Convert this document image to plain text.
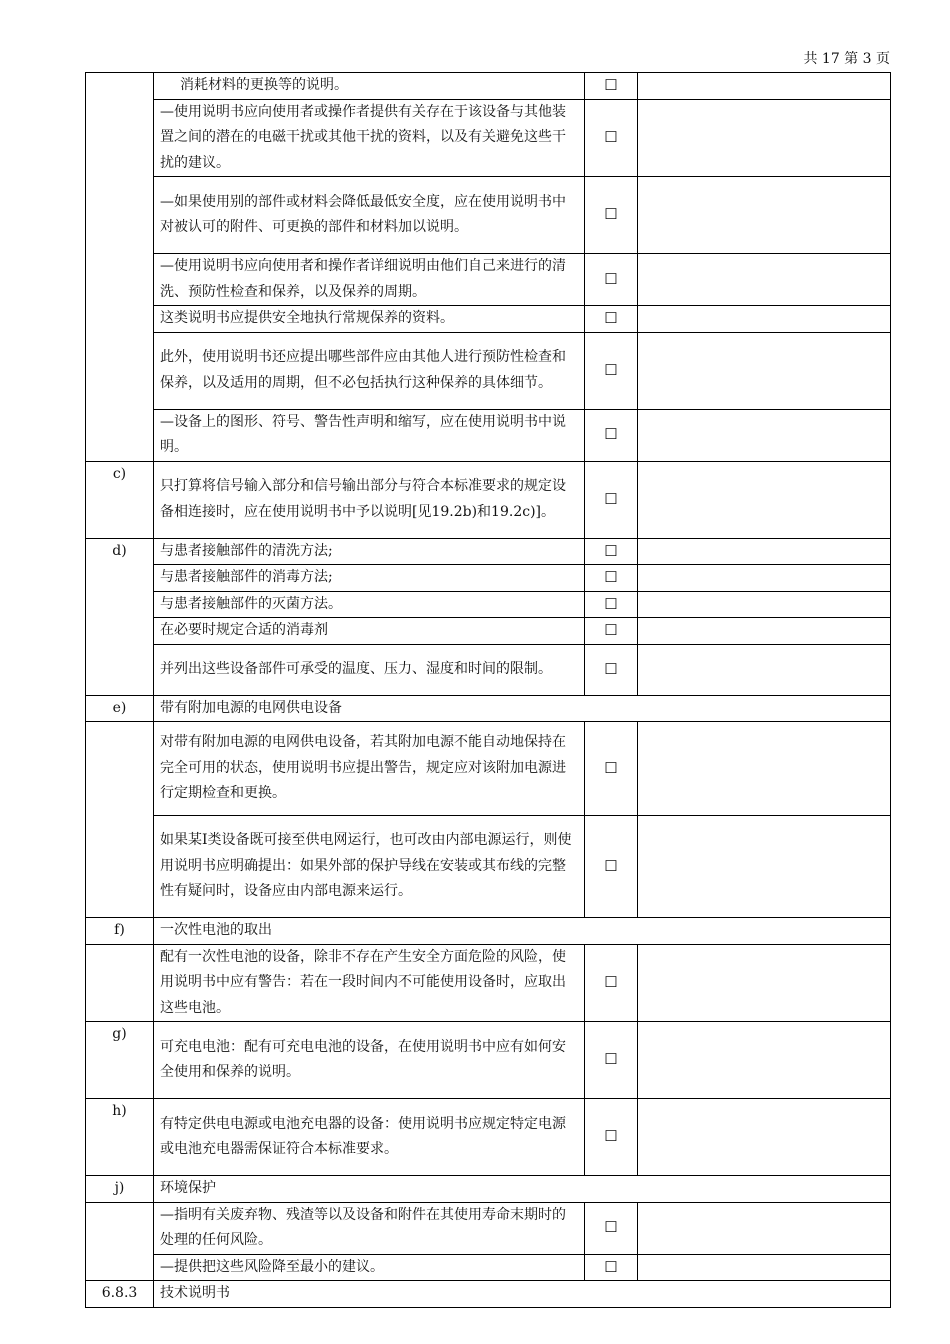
共 17 第 3 页
	消耗材料的更换等的说明。	☐	
	—使用说明书应向使用者或操作者提供有关存在于该设备与其他装置之间的潜在的电磁干扰或其他干扰的资料，以及有关避免这些干扰的建议。	☐	
	—如果使用别的部件或材料会降低最低安全度，应在使用说明书中对被认可的附件、可更换的部件和材料加以说明。	☐	
	—使用说明书应向使用者和操作者详细说明由他们自己来进行的清洗、预防性检查和保养，以及保养的周期。	☐	
	这类说明书应提供安全地执行常规保养的资料。	☐	
	此外，使用说明书还应提出哪些部件应由其他人进行预防性检查和保养，以及适用的周期，但不必包括执行这种保养的具体细节。	☐	
	—设备上的图形、符号、警告性声明和缩写，应在使用说明书中说明。	☐	
c)	只打算将信号输入部分和信号输出部分与符合本标准要求的规定设备相连接时，应在使用说明书中予以说明[见19.2b)和19.2c)]。	☐	
d)	与患者接触部件的清洗方法;	☐	
	与患者接触部件的消毒方法;	☐	
	与患者接触部件的灭菌方法。	☐	
	在必要时规定合适的消毒剂	☐	
	并列出这些设备部件可承受的温度、压力、湿度和时间的限制。	☐	
e)	带有附加电源的电网供电设备		
	对带有附加电源的电网供电设备，若其附加电源不能自动地保持在完全可用的状态，使用说明书应提出警告，规定应对该附加电源进行定期检查和更换。	☐	
	如果某Ⅰ类设备既可接至供电网运行，也可改由内部电源运行，则使用说明书应明确提出：如果外部的保护导线在安装或其布线的完整性有疑问时，设备应由内部电源来运行。	☐	
f)	一次性电池的取出		
	配有一次性电池的设备，除非不存在产生安全方面危险的风险，使用说明书中应有警告：若在一段时间内不可能使用设备时，应取出这些电池。	☐	
g)	可充电电池：配有可充电电池的设备，在使用说明书中应有如何安全使用和保养的说明。	☐	
h)	有特定供电电源或电池充电器的设备：使用说明书应规定特定电源或电池充电器需保证符合本标准要求。	☐	
j)	环境保护		
	—指明有关废弃物、残渣等以及设备和附件在其使用寿命末期时的处理的任何风险。	☐	
	—提供把这些风险降至最小的建议。	☐	
6.8.3	技术说明书		
